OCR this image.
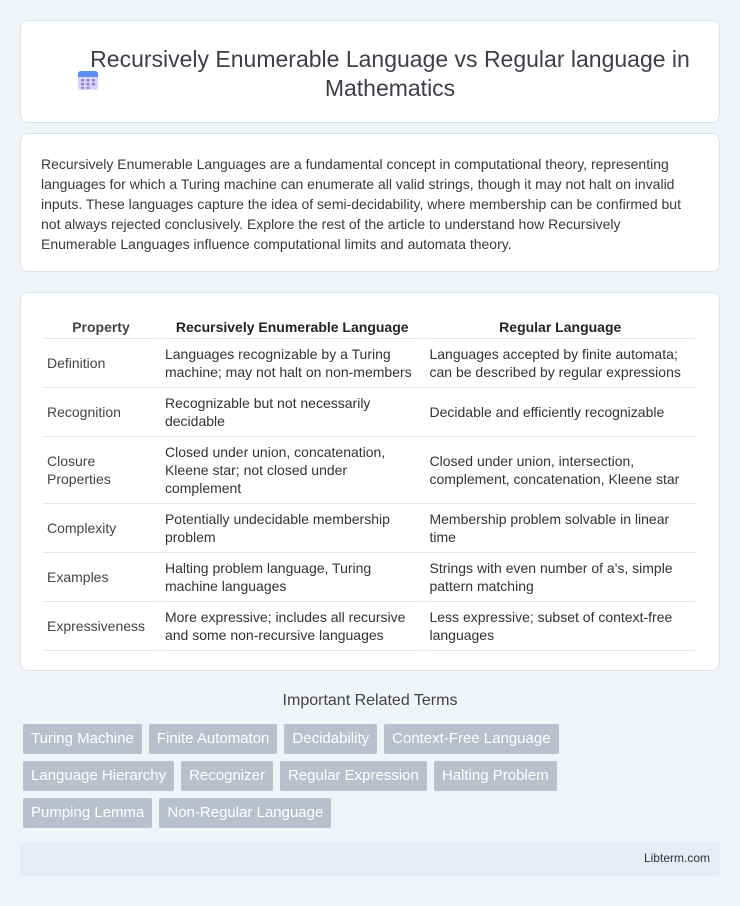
Recursively Enumerable Language vs Regular language in Mathematics

Recursively Enumerable Languages are a fundamental concept in computational theory, representing languages for which a Turing machine can enumerate all valid strings, though it may not halt on invalid inputs. These languages capture the idea of semi-decidability, where membership can be confirmed but not always rejected conclusively. Explore the rest of the article to understand how Recursively Enumerable Languages influence computational limits and automata theory.

Property	Recursively Enumerable Language	Regular Language
Definition	Languages recognizable by a Turing machine; may not halt on non-members	Languages accepted by finite automata; can be described by regular expressions
Recognition	Recognizable but not necessarily decidable	Decidable and efficiently recognizable
Closure Properties	Closed under union, concatenation, Kleene star; not closed under complement	Closed under union, intersection, complement, concatenation, Kleene star
Complexity	Potentially undecidable membership problem	Membership problem solvable in linear time
Examples	Halting problem language, Turing machine languages	Strings with even number of a's, simple pattern matching
Expressiveness	More expressive; includes all recursive and some non-recursive languages	Less expressive; subset of context-free languages
Important Related Terms
Turing Machine Finite Automaton Decidability Context-Free Language
Language Hierarchy Recognizer Regular Expression Halting Problem
Pumping Lemma Non-Regular Language
Libterm.com
